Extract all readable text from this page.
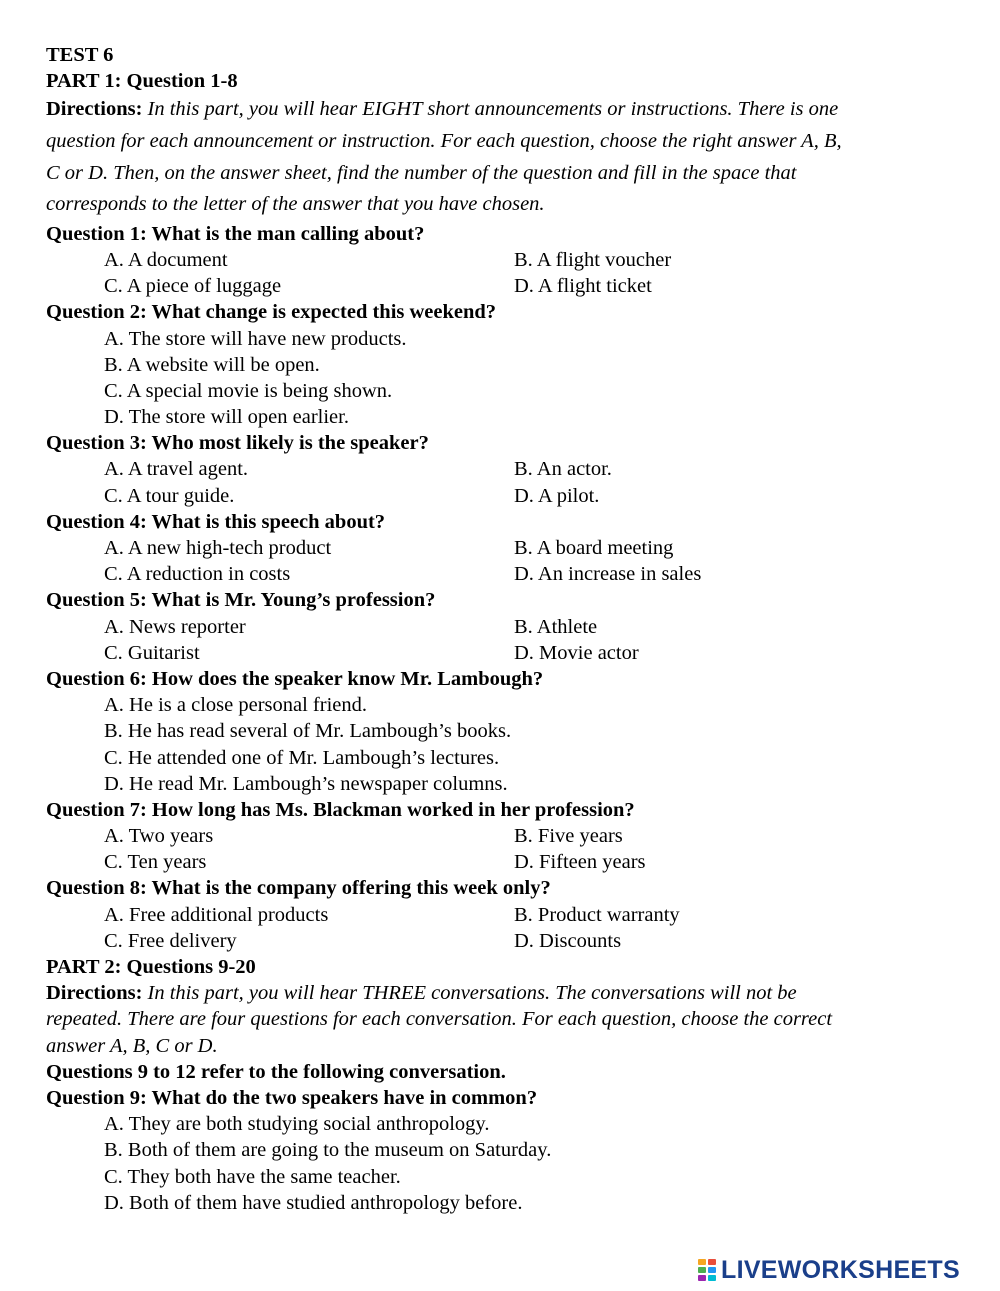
TEST 6
PART 1: Question 1-8
Directions: In this part, you will hear EIGHT short announcements or instructions. There is one
question for each announcement or instruction. For each question, choose the right answer A, B,
C or D. Then, on the answer sheet, find the number of the question and fill in the space that
corresponds to the letter of the answer that you have chosen.
Question 1: What is the man calling about?
A. A document	B. A flight voucher
C. A piece of luggage	D. A flight ticket
Question 2: What change is expected this weekend?
A. The store will have new products.
B. A website will be open.
C. A special movie is being shown.
D. The store will open earlier.
Question 3: Who most likely is the speaker?
A. A travel agent.	B. An actor.
C. A tour guide.	D. A pilot.
Question 4: What is this speech about?
A. A new high-tech product	B. A board meeting
C. A reduction in costs	D. An increase in sales
Question 5: What is Mr. Young’s profession?
A. News reporter	B. Athlete
C. Guitarist	D. Movie actor
Question 6: How does the speaker know Mr. Lambough?
A. He is a close personal friend.
B. He has read several of Mr. Lambough’s books.
C. He attended one of Mr. Lambough’s lectures.
D. He read Mr. Lambough’s newspaper columns.
Question 7: How long has Ms. Blackman worked in her profession?
A. Two years	B. Five years
C. Ten years	D. Fifteen years
Question 8: What is the company offering this week only?
A. Free additional products	B. Product warranty
C. Free delivery	D. Discounts
PART 2: Questions 9-20
Directions: In this part, you will hear THREE conversations. The conversations will not be
repeated. There are four questions for each conversation. For each question, choose the correct
answer A, B, C or D.
Questions 9 to 12 refer to the following conversation.
Question 9: What do the two speakers have in common?
A. They are both studying social anthropology.
B. Both of them are going to the museum on Saturday.
C. They both have the same teacher.
D. Both of them have studied anthropology before.
LIVEWORKSHEETS
